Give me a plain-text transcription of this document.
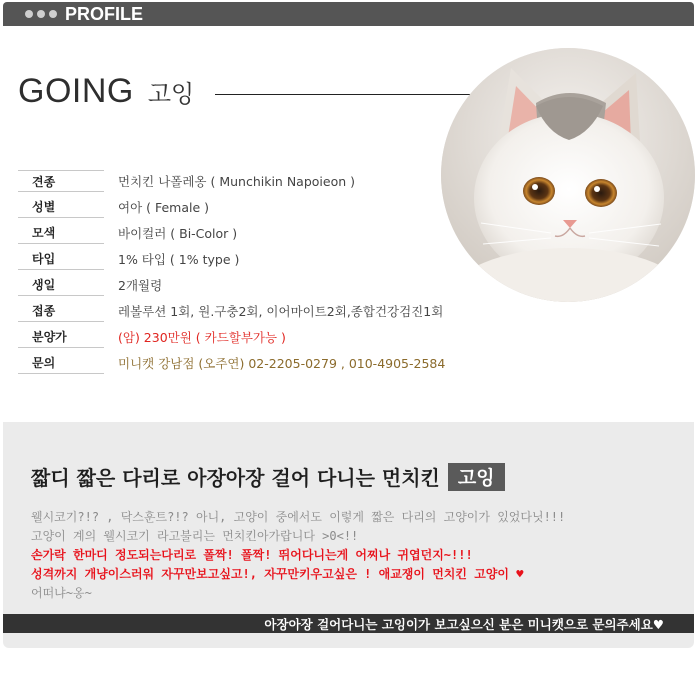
PROFILE
GOING 고잉
견종	먼치킨 나폴레옹 ( Munchikin Napoieon )
성별	여아 ( Female )
모색	바이컬러 ( Bi-Color )
타입	1% 타입 ( 1% type )
생일	2개월령
접종	레볼루션 1회, 원.구충2회, 이어마이트2회,종합건강검진1회
분양가	(암) 230만원 ( 카드할부가능 )
문의	미니캣 강남점 (오주연) 02-2205-0279 , 010-4905-2584
짧디 짧은 다리로 아장아장 걸어 다니는 먼치킨 고잉
웰시코기?!? , 닥스훈트?!? 아니, 고양이 중에서도 이렇게 짧은 다리의 고양이가 있었다닛!!!
고양이 계의 웰시코기 라고불리는 먼치킨아가랍니다 >0<!!
손가락 한마디 정도되는다리로 폴짝! 폴짝! 뛰어다니는게 어찌나 귀엽던지~!!!
성격까지 개냥이스러워 자꾸만보고싶고!, 자꾸만키우고싶은 ! 애교쟁이 먼치킨 고양이 ♥
어떠냐~옹~
아장아장 걸어다니는 고잉이가 보고싶으신 분은 미니캣으로 문의주세요♥
